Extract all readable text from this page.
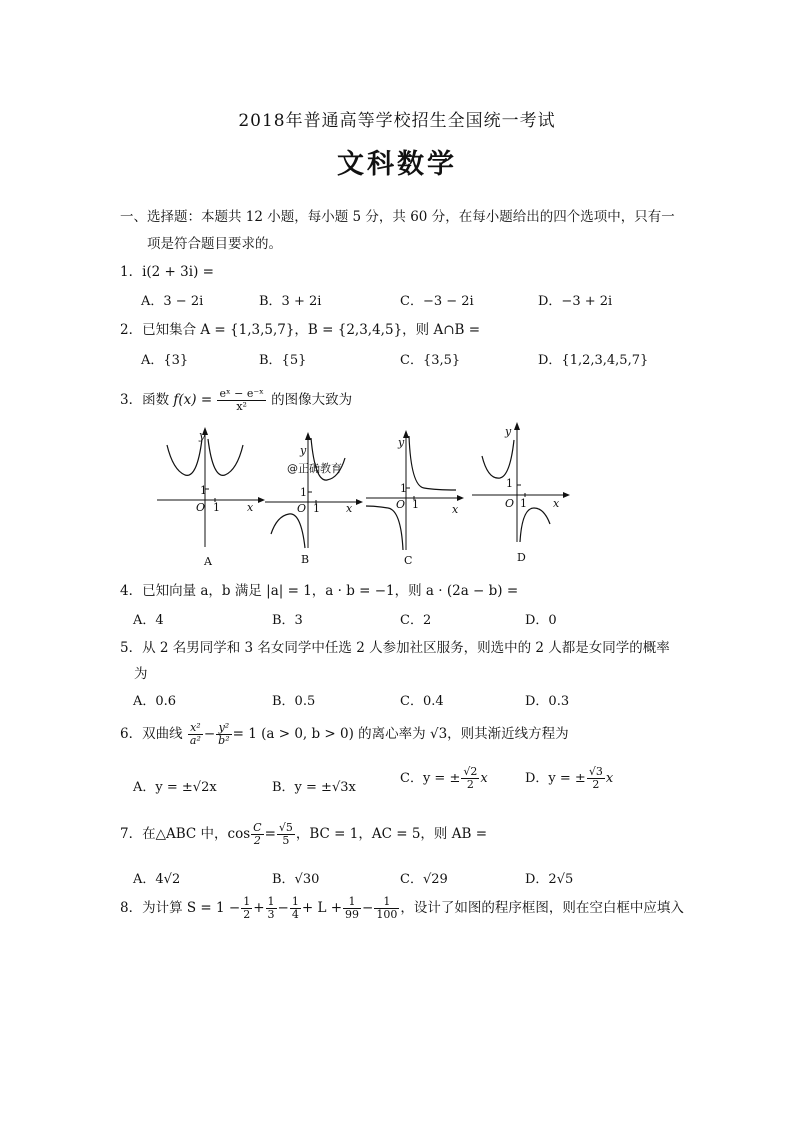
2018年普通高等学校招生全国统一考试
文科数学
一、选择题：本题共 12 小题，每小题 5 分，共 60 分，在每小题给出的四个选项中，只有一
项是符合题目要求的。
1．i(2 + 3i) =
A．3 − 2i	B．3 + 2i	C．−3 − 2i	D．−3 + 2i
2．已知集合 A = {1,3,5,7}，B = {2,3,4,5}，则 A∩B =
A．{3}	B．{5}	C．{3,5}	D．{1,2,3,4,5,7}
3．函数 $f(x) = \frac{\text{eˣ − e⁻ˣ}}{\text{x²}}$ 的图像大致为
y
1
O 1 x
A
y
@正确教育
1
O 1 x
B
y
1
O 1	x
C
y
1
O 1 x
D
4．已知向量 a，b 满足 |a| = 1，a · b = −1，则 a · (2a − b) =
A．4	B．3	C．2	D．0
5．从 2 名男同学和 3 名女同学中任选 2 人参加社区服务，则选中的 2 人都是女同学的概率
为
A．0.6	B．0.5	C．0.4	D．0.3
6．双曲线 $\frac{\text{x²}}{\text{a²}} - \frac{\text{y²}}{\text{b²}} = 1$ (a > 0, b > 0) 的离心率为 √3，则其渐近线方程为
A．y = ±√2x	B．y = ±√3x
C．y = ± $\frac{√2}{2}$ x	D．y = ± $\frac{√3}{2}$ x
7．在△ABC 中，$\cos \frac{C}{2} = \frac{√5}{5}$ ，BC = 1，AC = 5，则 AB =
A．4√2	B．√30	C．√29	D．2√5
8．为计算 $S = 1 - \frac{1}{2} + \frac{1}{3} - \frac{1}{4} + L + \frac{1}{99} - \frac{1}{100}$ ，设计了如图的程序框图，则在空白框中应填入
